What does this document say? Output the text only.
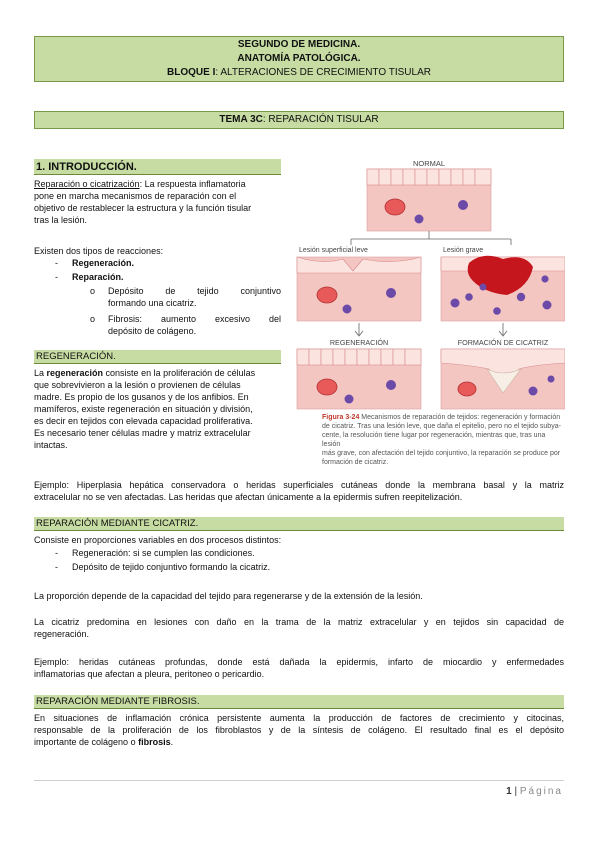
SEGUNDO DE MEDICINA.
ANATOMÍA PATOLÓGICA.
BLOQUE I: ALTERACIONES DE CRECIMIENTO TISULAR
TEMA 3C: REPARACIÓN TISULAR
1. INTRODUCCIÓN.
Reparación o cicatrización: La respuesta inflamatoria
pone en marcha mecanismos de reparación con el
objetivo de restablecer la estructura y la función tisular
tras la lesión.
Existen dos tipos de reacciones:
- Regeneración.
- Reparación.
o Depósito de tejido conjuntivo
formando una cicatriz.
o Fibrosis: aumento excesivo del
depósito de colágeno.
REGENERACIÓN.
La regeneración consiste en la proliferación de células
que sobrevivieron a la lesión o provienen de células
madre. Es propio de los gusanos y de los anfibios. En
mamíferos, existe regeneración en situación y división,
es decir en tejidos con elevada capacidad proliferativa.
Es necesario tener células madre y matriz extracelular
intactas.
NORMAL
Lesión superficial leve	Lesión grave
REGENERACIÓN	FORMACIÓN DE CICATRIZ
Figura 3-24 Mecanismos de reparación de tejidos: regeneración y formación
de cicatriz. Tras una lesión leve, que daña el epitelio, pero no el tejido subya-
cente, la resolución tiene lugar por regeneración, mientras que, tras una lesión
más grave, con afectación del tejido conjuntivo, la reparación se produce por
formación de cicatriz.
Ejemplo: Hiperplasia hepática conservadora o heridas superficiales cutáneas donde la membrana basal y la matriz
extracelular no se ven afectadas. Las heridas que afectan únicamente a la epidermis sufren reepitelización.
REPARACIÓN MEDIANTE CICATRIZ.
Consiste en proporciones variables en dos procesos distintos:
- Regeneración: si se cumplen las condiciones.
- Depósito de tejido conjuntivo formando la cicatriz.
La proporción depende de la capacidad del tejido para regenerarse y de la extensión de la lesión.
La cicatriz predomina en lesiones con daño en la trama de la matriz extracelular y en tejidos sin capacidad de
regeneración.
Ejemplo: heridas cutáneas profundas, donde está dañada la epidermis, infarto de miocardio y enfermedades
inflamatorias que afectan a pleura, peritoneo o pericardio.
REPARACIÓN MEDIANTE FIBROSIS.
En situaciones de inflamación crónica persistente aumenta la producción de factores de crecimiento y citocinas,
responsable de la proliferación de los fibroblastos y de la síntesis de colágeno. El resultado final es el depósito
importante de colágeno o fibrosis.
1 | Página
